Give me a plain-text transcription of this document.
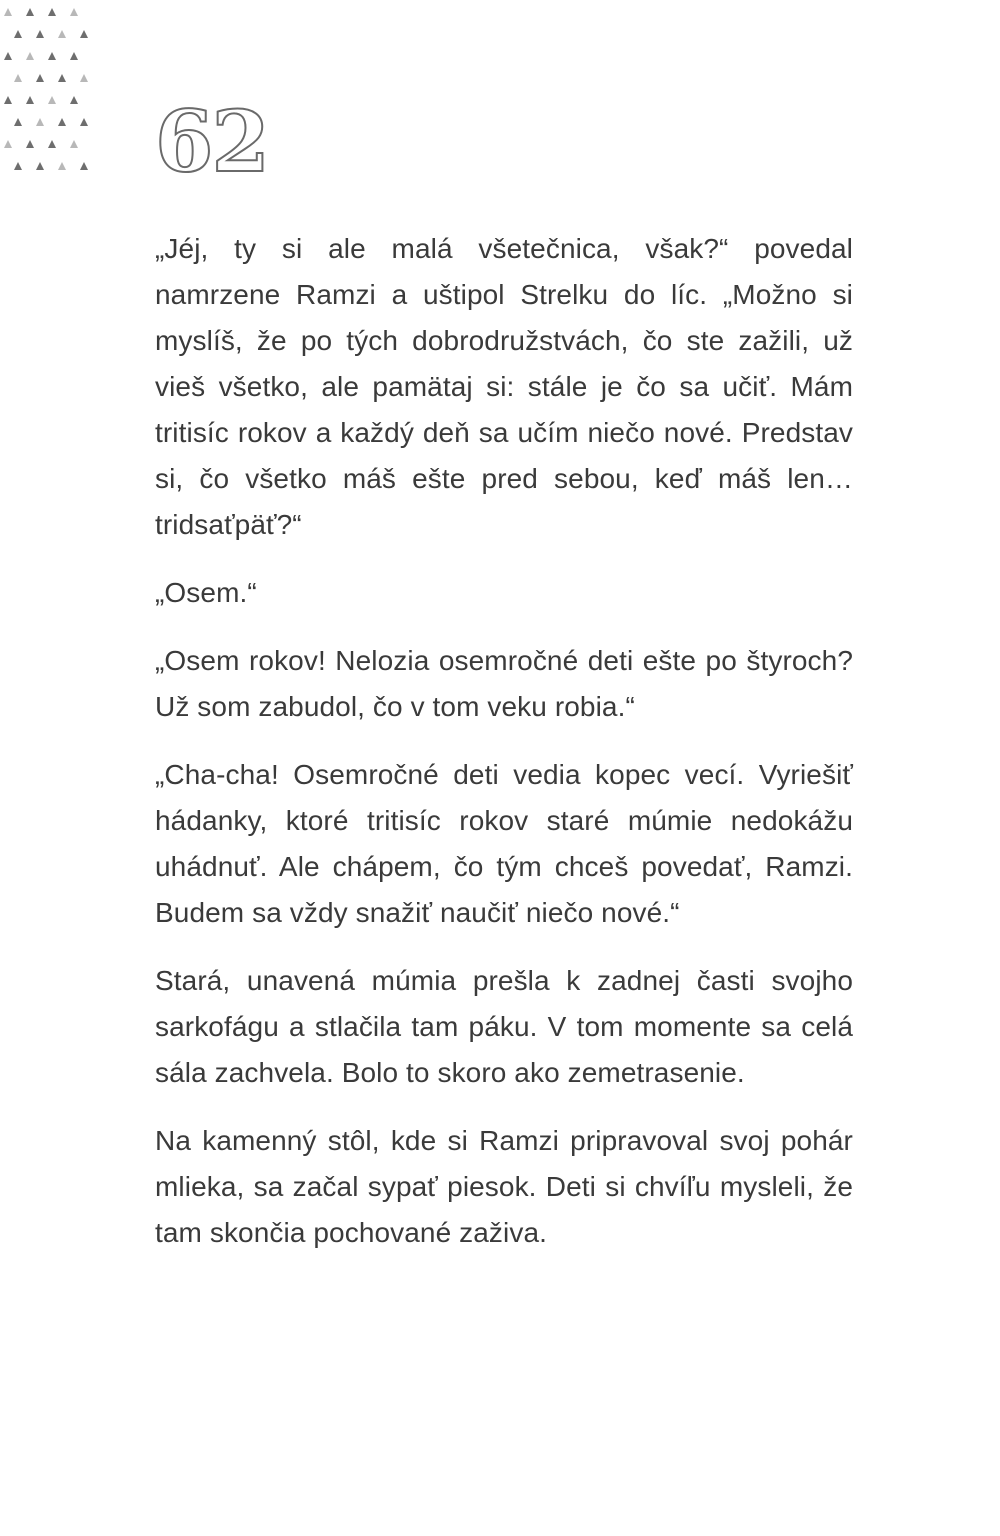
62

„Jéj, ty si ale malá všetečnica, však?“ povedal namrzene Ramzi a uštipol Strelku do líc. „Možno si myslíš, že po tých dobrodružstvách, čo ste zažili, už vieš všetko, ale pamätaj si: stále je čo sa učiť. Mám tritisíc rokov a každý deň sa učím niečo nové. Predstav si, čo všetko máš ešte pred sebou, keď máš len… tridsaťpäť?“

„Osem.“

„Osem rokov! Nelozia osemročné deti ešte po štyroch? Už som zabudol, čo v tom veku robia.“

„Cha-cha! Osemročné deti vedia kopec vecí. Vyriešiť hádanky, ktoré tritisíc rokov staré múmie nedokážu uhádnuť. Ale chápem, čo tým chceš povedať, Ramzi. Budem sa vždy snažiť naučiť niečo nové.“

Stará, unavená múmia prešla k zadnej časti svojho sarkofágu a stlačila tam páku. V tom momente sa celá sála zachvela. Bolo to skoro ako zemetrasenie.

Na kamenný stôl, kde si Ramzi pripravoval svoj pohár mlieka, sa začal sypať piesok. Deti si chvíľu mysleli, že tam skončia pochované zaživa.
